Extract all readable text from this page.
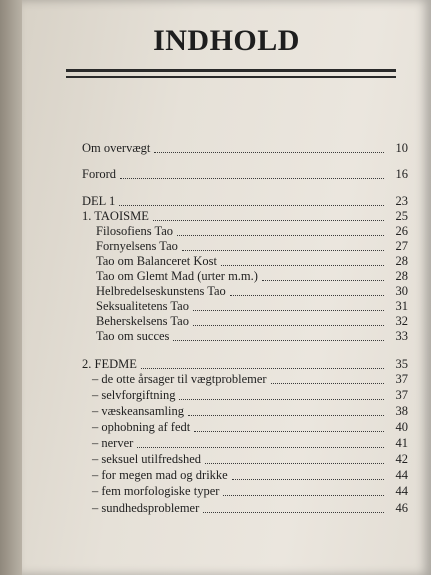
INDHOLD
Om overvægt	10
Forord	16
DEL 1	23
1. TAOISME	25
Filosofiens Tao	26
Fornyelsens Tao	27
Tao om Balanceret Kost	28
Tao om Glemt Mad (urter m.m.)	28
Helbredelseskunstens Tao	30
Seksualitetens Tao	31
Beherskelsens Tao	32
Tao om succes	33
2. FEDME	35
– de otte årsager til vægtproblemer	37
– selvforgiftning	37
– væskeansamling	38
– ophobning af fedt	40
– nerver	41
– seksuel utilfredshed	42
– for megen mad og drikke	44
– fem morfologiske typer	44
– sundhedsproblemer	46
